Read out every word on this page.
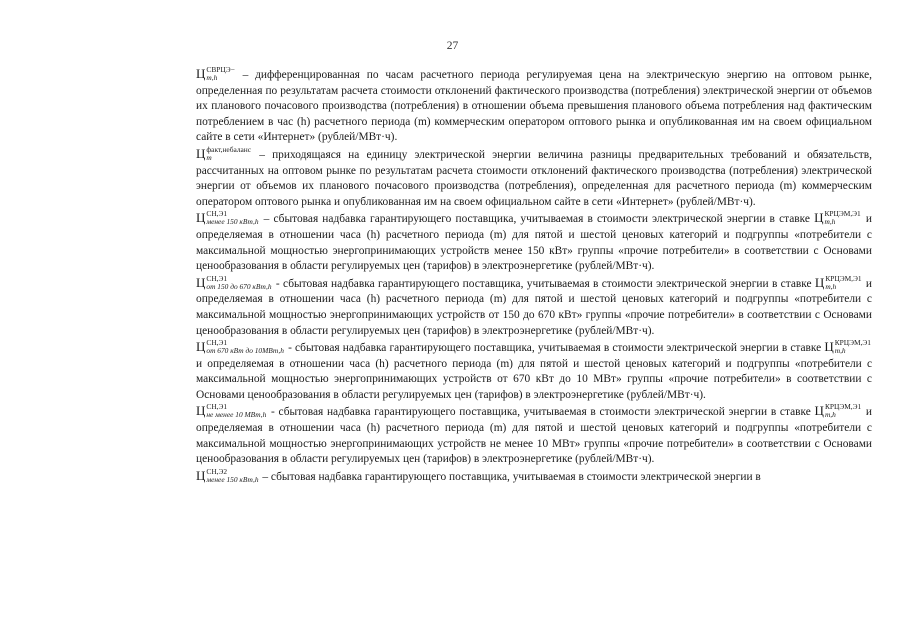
27

Ц СВРЦЭ−
m,h	– дифференцированная по часам расчетного периода регулируемая цена на электрическую энергию на оптовом рынке, определенная по результатам расчета стоимости отклонений фактического производства (потребления) электрической энергии от объемов их планового почасового производства (потребления) в отношении объема превышения планового объема потребления над фактическим потреблением в час (h) расчетного периода (m) коммерческим оператором оптового рынка и опубликованная им на своем официальном сайте в сети «Интернет» (рублей/МВт·ч).

Ц факт,небаланс
m	– приходящаяся на единицу электрической энергии величина разницы предварительных требований и обязательств, рассчитанных на оптовом рынке по результатам расчета стоимости отклонений фактического производства (потребления) электрической энергии от объемов их планового почасового производства (потребления), определенная для расчетного периода (m) коммерческим оператором оптового рынка и опубликованная им на своем официальном сайте в сети «Интернет» (рублей/МВт·ч).

Ц СН,Э1
менее 150 кВт,h – сбытовая надбавка гарантирующего поставщика, учитываемая в стоимости электрической энергии в ставке Ц КРЦЭМ,Э1
m,h	и определяемая в отношении часа (h) расчетного периода (m) для пятой и шестой ценовых категорий и подгруппы «потребители с максимальной мощностью энергопринимающих устройств менее 150 кВт» группы «прочие потребители» в соответствии с Основами ценообразования в области регулируемых цен (тарифов) в электроэнергетике (рублей/МВт·ч).

Ц СН,Э1
от 150 до 670 кВт,h - сбытовая надбавка гарантирующего поставщика, учитываемая в стоимости электрической энергии в ставке Ц КРЦЭМ,Э1
m,h	и определяемая в отношении часа (h) расчетного периода (m) для пятой и шестой ценовых категорий и подгруппы «потребители с максимальной мощностью энергопринимающих устройств от 150 до 670 кВт» группы «прочие потребители» в соответствии с Основами ценообразования в области регулируемых цен (тарифов) в электроэнергетике (рублей/МВт·ч).

Ц СН,Э1
от 670 кВт до 10МВт,h - сбытовая надбавка гарантирующего поставщика, учитываемая в стоимости электрической энергии в ставке Ц КРЦЭМ,Э1
m,h
и определяемая в отношении часа (h) расчетного периода (m) для пятой и шестой ценовых категорий и подгруппы «потребители с максимальной мощностью энергопринимающих устройств от 670 кВт до 10 МВт» группы «прочие потребители» в соответствии с Основами ценообразования в области регулируемых цен (тарифов) в электроэнергетике (рублей/МВт·ч).

Ц СН,Э1
не менее 10 МВт,h - сбытовая надбавка гарантирующего поставщика, учитываемая в стоимости электрической энергии в ставке Ц КРЦЭМ,Э1
m,h	и определяемая в отношении часа (h) расчетного периода (m) для пятой и шестой ценовых категорий и подгруппы «потребители с максимальной мощностью энергопринимающих устройств не менее 10 МВт» группы «прочие потребители» в соответствии с Основами ценообразования в области регулируемых цен (тарифов) в электроэнергетике (рублей/МВт·ч).

Ц СН,Э2
менее 150 кВт,h – сбытовая надбавка гарантирующего поставщика, учитываемая в стоимости электрической энергии в
